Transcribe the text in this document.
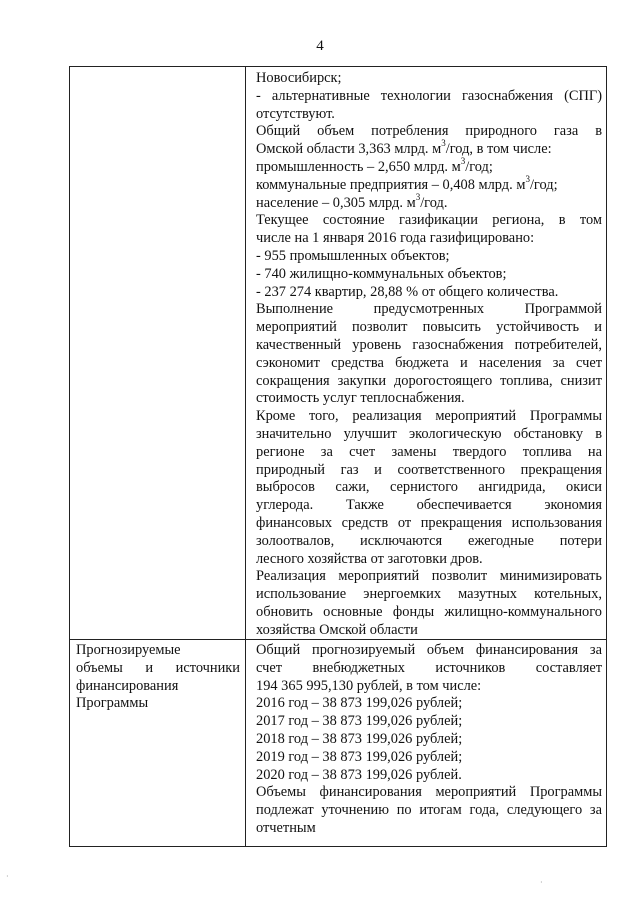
4
Новосибирск;
- альтернативные технологии газоснабжения (СПГ)
отсутствуют.
Общий объем потребления природного газа в
Омской области 3,363 млрд. $м^3$/год, в том числе:
промышленность – 2,650 млрд. $м^3$/год;
коммунальные предприятия – 0,408 млрд. $м^3$/год;
население – 0,305 млрд. $м^3$/год.
Текущее состояние газификации региона, в том
числе на 1 января 2016 года газифицировано:
- 955 промышленных объектов;
- 740 жилищно-коммунальных объектов;
- 237 274 квартир, 28,88 % от общего количества.
Выполнение предусмотренных Программой
мероприятий позволит повысить устойчивость и
качественный уровень газоснабжения потребителей,
сэкономит средства бюджета и населения за счет
сокращения закупки дорогостоящего топлива, снизит
стоимость услуг теплоснабжения.
Кроме того, реализация мероприятий Программы
значительно улучшит экологическую обстановку в
регионе за счет замены твердого топлива на
природный газ и соответственного прекращения
выбросов сажи, сернистого ангидрида, окиси
углерода. Также обеспечивается экономия
финансовых средств от прекращения использования
золоотвалов, исключаются ежегодные потери
лесного хозяйства от заготовки дров.
Реализация мероприятий позволит минимизировать
использование энергоемких мазутных котельных,
обновить основные фонды жилищно-коммунального
хозяйства Омской области
Прогнозируемые
объемы и источники
финансирования
Программы
Общий прогнозируемый объем финансирования за
счет внебюджетных источников составляет
194 365 995,130 рублей, в том числе:
2016 год – 38 873 199,026 рублей;
2017 год – 38 873 199,026 рублей;
2018 год – 38 873 199,026 рублей;
2019 год – 38 873 199,026 рублей;
2020 год – 38 873 199,026 рублей.
Объемы финансирования мероприятий Программы
подлежат уточнению по итогам года, следующего за
отчетным
·
·
